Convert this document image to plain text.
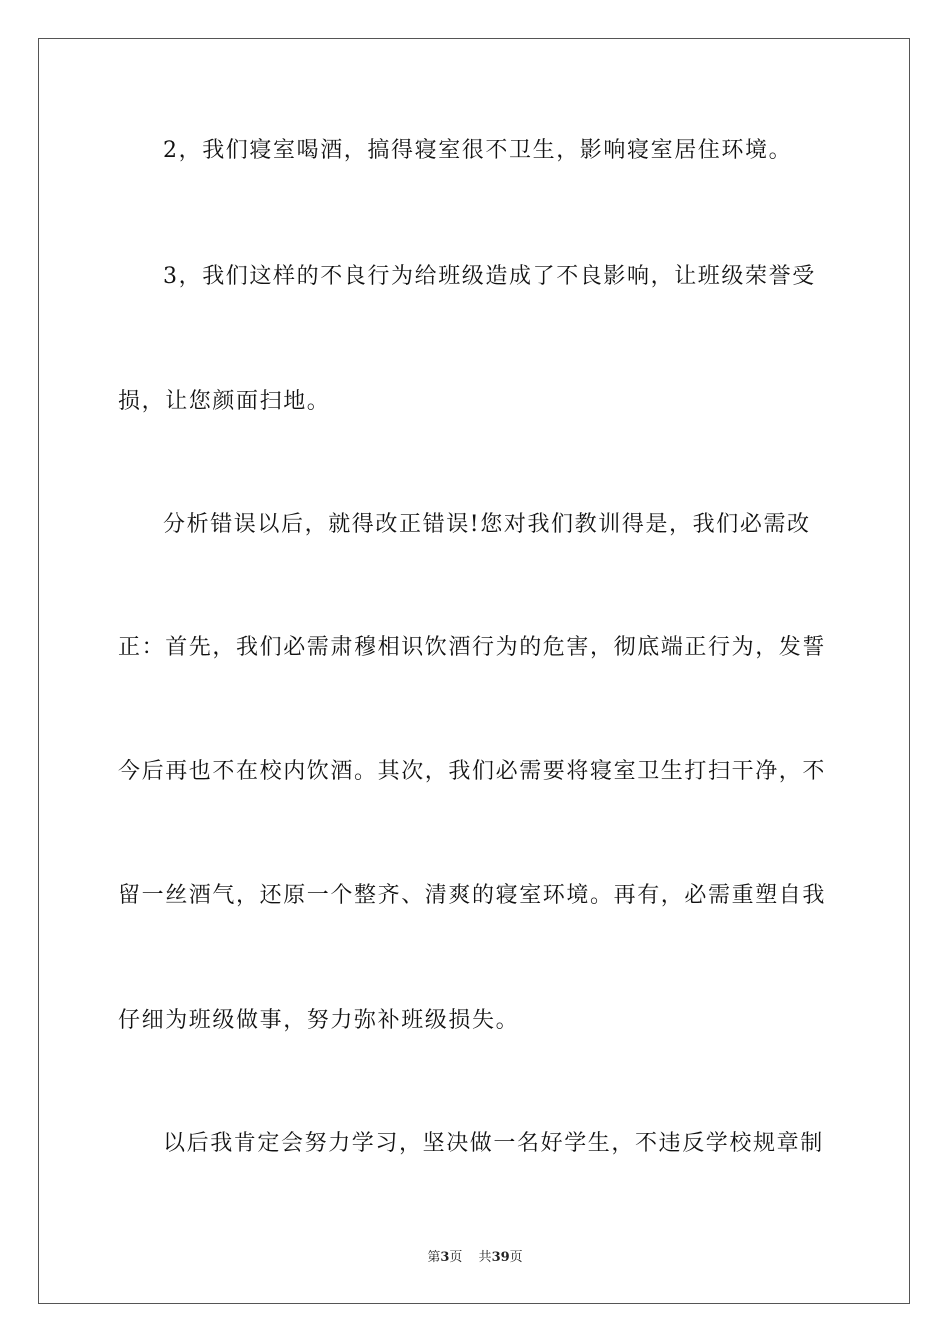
2，我们寝室喝酒，搞得寝室很不卫生，影响寝室居住环境。
3，我们这样的不良行为给班级造成了不良影响，让班级荣誉受
损，让您颜面扫地。
分析错误以后，就得改正错误!您对我们教训得是，我们必需改
正：首先，我们必需肃穆相识饮酒行为的危害，彻底端正行为，发誓
今后再也不在校内饮酒。其次，我们必需要将寝室卫生打扫干净，不
留一丝酒气，还原一个整齐、清爽的寝室环境。再有，必需重塑自我
仔细为班级做事，努力弥补班级损失。
以后我肯定会努力学习，坚决做一名好学生，不违反学校规章制
第3页 共39页
